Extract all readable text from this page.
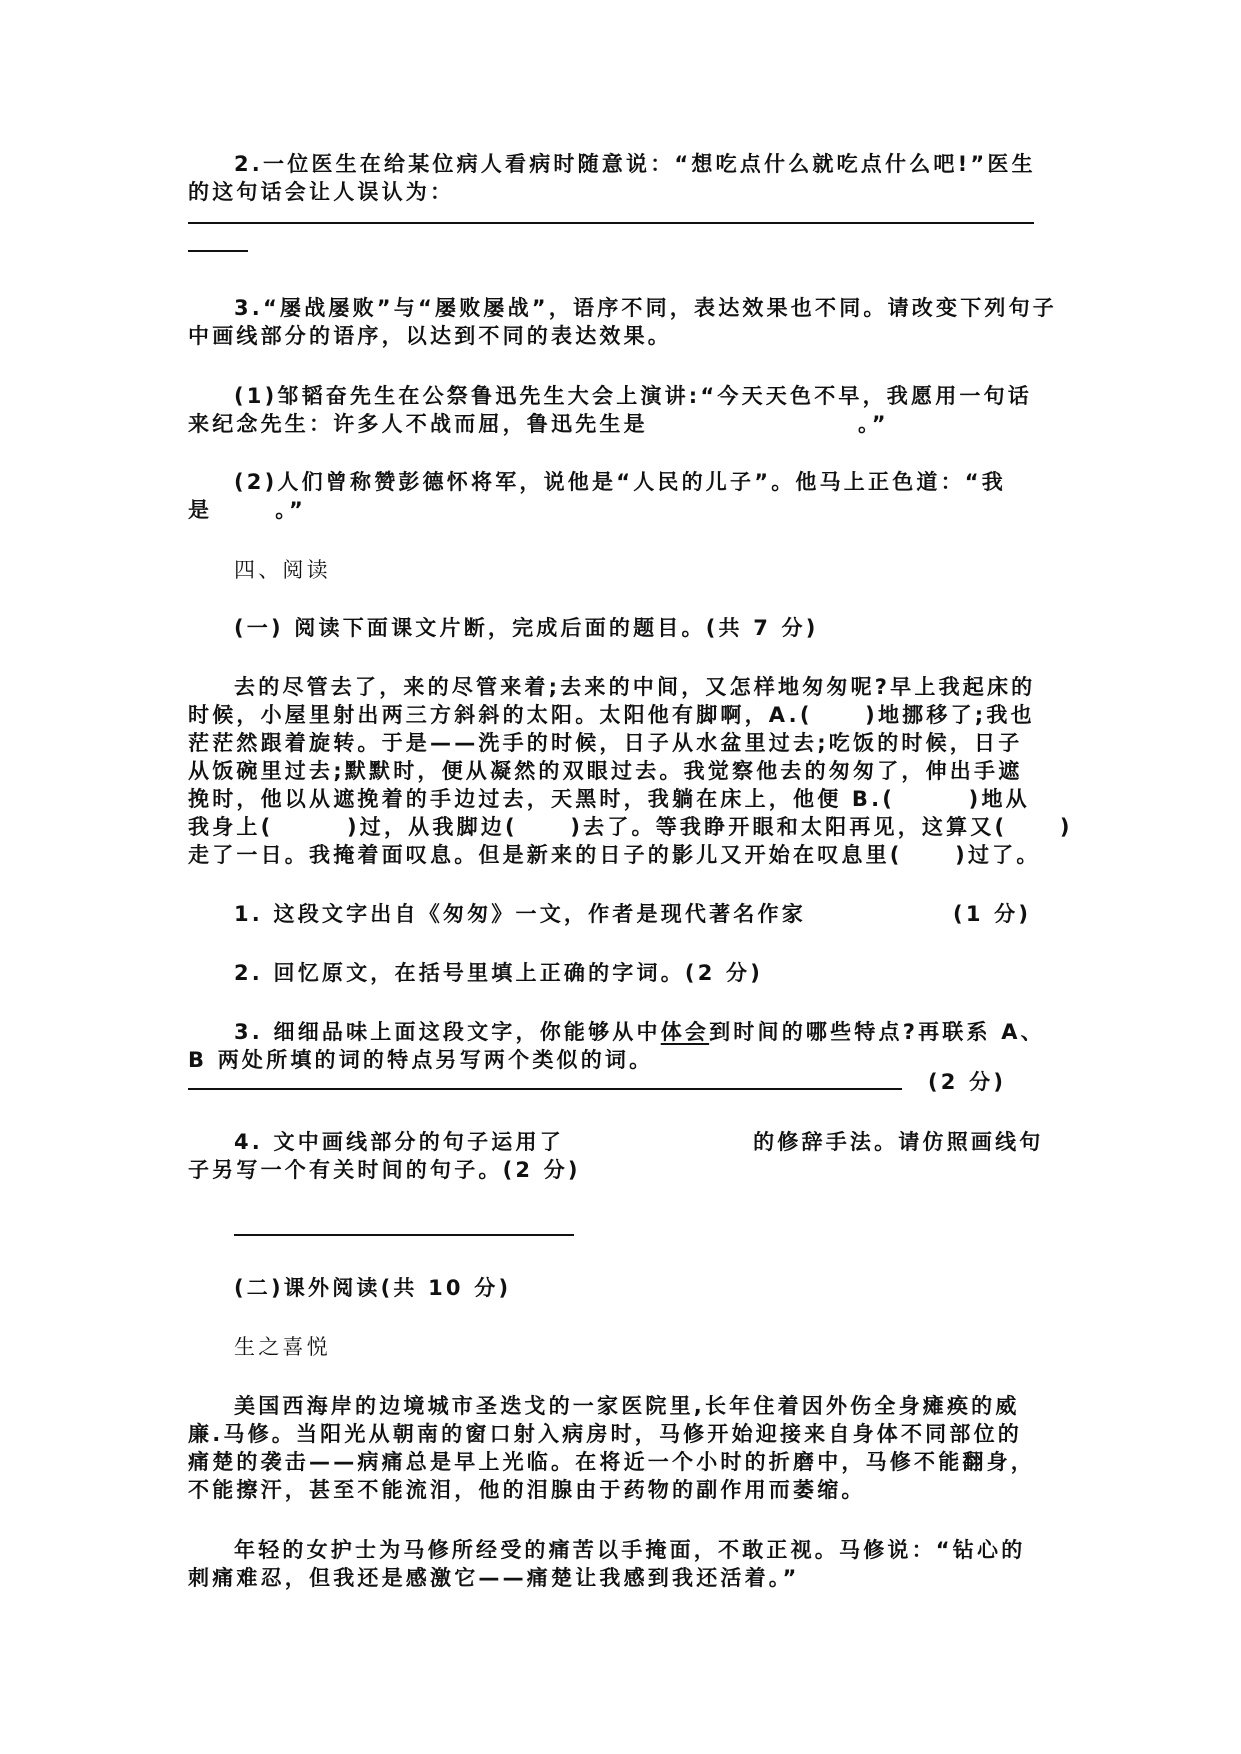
2.一位医生在给某位病人看病时随意说：“想吃点什么就吃点什么吧!”医生
的这句话会让人误认为：
3.“屡战屡败”与“屡败屡战”，语序不同，表达效果也不同。请改变下列句子
中画线部分的语序，以达到不同的表达效果。
(1)邹韬奋先生在公祭鲁迅先生大会上演讲:“今天天色不早，我愿用一句话
来纪念先生：许多人不战而屈，鲁迅先生是                    。”
(2)人们曾称赞彭德怀将军，说他是“人民的儿子”。他马上正色道：“我
是      。”
四、阅读
(一) 阅读下面课文片断，完成后面的题目。(共 7 分)
去的尽管去了，来的尽管来着;去来的中间，又怎样地匆匆呢?早上我起床的
时候，小屋里射出两三方斜斜的太阳。太阳他有脚啊，A.(     )地挪移了;我也
茫茫然跟着旋转。于是——洗手的时候，日子从水盆里过去;吃饭的时候，日子
从饭碗里过去;默默时，便从凝然的双眼过去。我觉察他去的匆匆了，伸出手遮
挽时，他以从遮挽着的手边过去，天黑时，我躺在床上，他便 B.(       )地从
我身上(       )过，从我脚边(     )去了。等我睁开眼和太阳再见，这算又(     )
走了一日。我掩着面叹息。但是新来的日子的影儿又开始在叹息里(     )过了。
1. 这段文字出自《匆匆》一文，作者是现代著名作家              (1 分)
2. 回忆原文，在括号里填上正确的字词。(2 分)
3. 细细品味上面这段文字，你能够从中体会到时间的哪些特点?再联系 A、
B 两处所填的词的特点另写两个类似的词。
(2 分)
4. 文中画线部分的句子运用了                  的修辞手法。请仿照画线句
子另写一个有关时间的句子。(2 分)
(二)课外阅读(共 10 分)
生之喜悦
美国西海岸的边境城市圣迭戈的一家医院里,长年住着因外伤全身瘫痪的威
廉.马修。当阳光从朝南的窗口射入病房时，马修开始迎接来自身体不同部位的
痛楚的袭击——病痛总是早上光临。在将近一个小时的折磨中，马修不能翻身，
不能擦汗，甚至不能流泪，他的泪腺由于药物的副作用而萎缩。
年轻的女护士为马修所经受的痛苦以手掩面，不敢正视。马修说：“钻心的
刺痛难忍，但我还是感激它——痛楚让我感到我还活着。”
